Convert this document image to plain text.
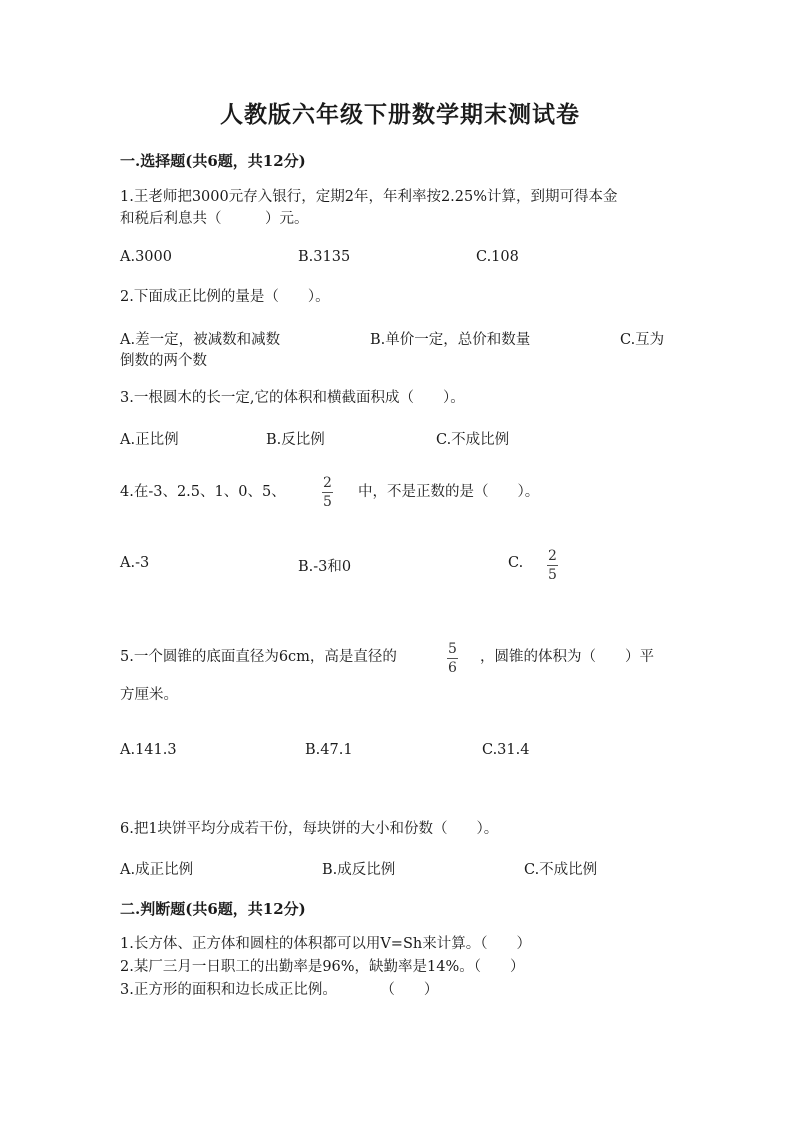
人教版六年级下册数学期末测试卷
一.选择题(共6题，共12分)
1.王老师把3000元存入银行，定期2年，年利率按2.25%计算，到期可得本金
和税后利息共（　　　）元。
A.3000	B.3135	C.108
2.下面成正比例的量是（　　）。
A.差一定，被减数和减数	B.单价一定，总价和数量	C.互为
倒数的两个数
3.一根圆木的长一定,它的体积和横截面积成（　　）。
A.正比例	B.反比例	C.不成比例
4.在-3、2.5、1、0、5、
2
5
中，不是正数的是（　　）。
A.-3	B.-3和0	C. 2
5
5.一个圆锥的底面直径为6cm，高是直径的	5
6
，圆锥的体积为（　　）平
方厘米。
A.141.3	B.47.1	C.31.4
6.把1块饼平均分成若干份，每块饼的大小和份数（　　）。
A.成正比例	B.成反比例	C.不成比例
二.判断题(共6题，共12分)
1.长方体、正方体和圆柱的体积都可以用V=Sh来计算。（　　）
2.某厂三月一日职工的出勤率是96%，缺勤率是14%。（　　）
3.正方形的面积和边长成正比例。　　　　（　　）
